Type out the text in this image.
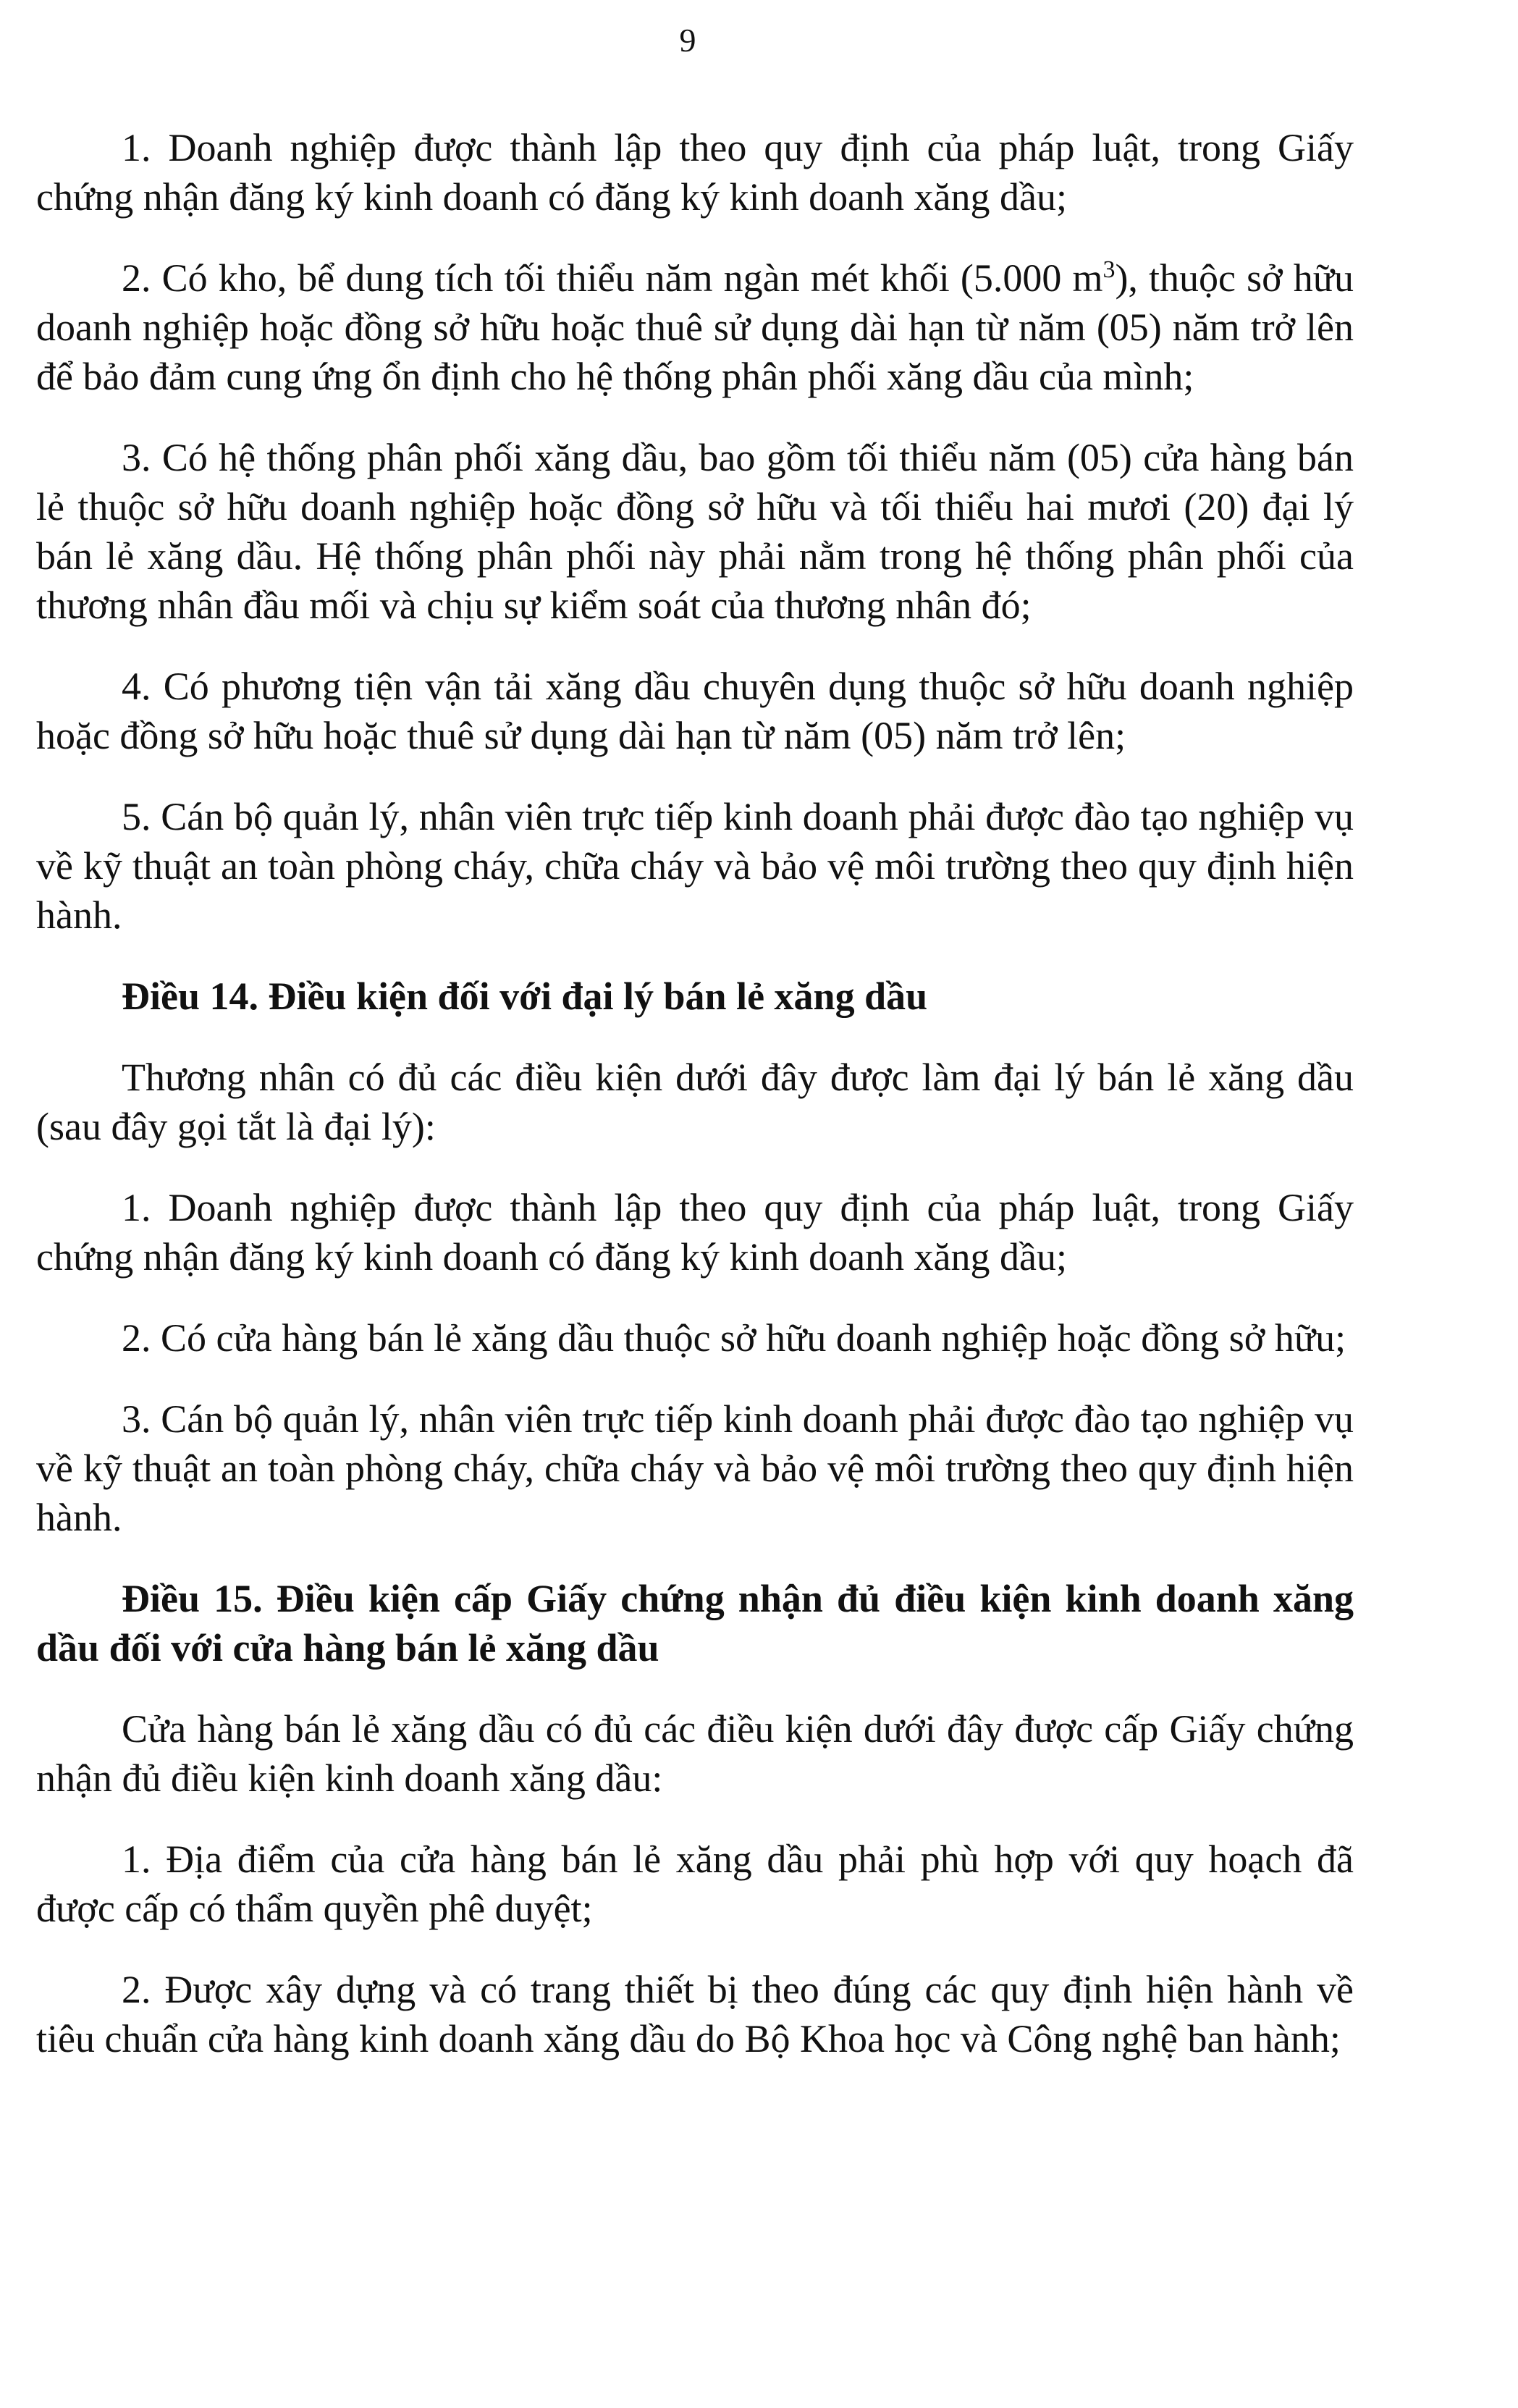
9

1. Doanh nghiệp được thành lập theo quy định của pháp luật, trong Giấy chứng nhận đăng ký kinh doanh có đăng ký kinh doanh xăng dầu;

2. Có kho, bể dung tích tối thiểu năm ngàn mét khối (5.000 $m^3$), thuộc sở hữu doanh nghiệp hoặc đồng sở hữu hoặc thuê sử dụng dài hạn từ năm (05) năm trở lên để bảo đảm cung ứng ổn định cho hệ thống phân phối xăng dầu của mình;

3. Có hệ thống phân phối xăng dầu, bao gồm tối thiểu năm (05) cửa hàng bán lẻ thuộc sở hữu doanh nghiệp hoặc đồng sở hữu và tối thiểu hai mươi (20) đại lý bán lẻ xăng dầu. Hệ thống phân phối này phải nằm trong hệ thống phân phối của thương nhân đầu mối và chịu sự kiểm soát của thương nhân đó;

4. Có phương tiện vận tải xăng dầu chuyên dụng thuộc sở hữu doanh nghiệp hoặc đồng sở hữu hoặc thuê sử dụng dài hạn từ năm (05) năm trở lên;

5. Cán bộ quản lý, nhân viên trực tiếp kinh doanh phải được đào tạo nghiệp vụ về kỹ thuật an toàn phòng cháy, chữa cháy và bảo vệ môi trường theo quy định hiện hành.

Điều 14. Điều kiện đối với đại lý bán lẻ xăng dầu

Thương nhân có đủ các điều kiện dưới đây được làm đại lý bán lẻ xăng dầu (sau đây gọi tắt là đại lý):

1. Doanh nghiệp được thành lập theo quy định của pháp luật, trong Giấy chứng nhận đăng ký kinh doanh có đăng ký kinh doanh xăng dầu;

2. Có cửa hàng bán lẻ xăng dầu thuộc sở hữu doanh nghiệp hoặc đồng sở hữu;

3. Cán bộ quản lý, nhân viên trực tiếp kinh doanh phải được đào tạo nghiệp vụ về kỹ thuật an toàn phòng cháy, chữa cháy và bảo vệ môi trường theo quy định hiện hành.

Điều 15. Điều kiện cấp Giấy chứng nhận đủ điều kiện kinh doanh xăng dầu đối với cửa hàng bán lẻ xăng dầu

Cửa hàng bán lẻ xăng dầu có đủ các điều kiện dưới đây được cấp Giấy chứng nhận đủ điều kiện kinh doanh xăng dầu:

1. Địa điểm của cửa hàng bán lẻ xăng dầu phải phù hợp với quy hoạch đã được cấp có thẩm quyền phê duyệt;

2. Được xây dựng và có trang thiết bị theo đúng các quy định hiện hành về tiêu chuẩn cửa hàng kinh doanh xăng dầu do Bộ Khoa học và Công nghệ ban hành;
